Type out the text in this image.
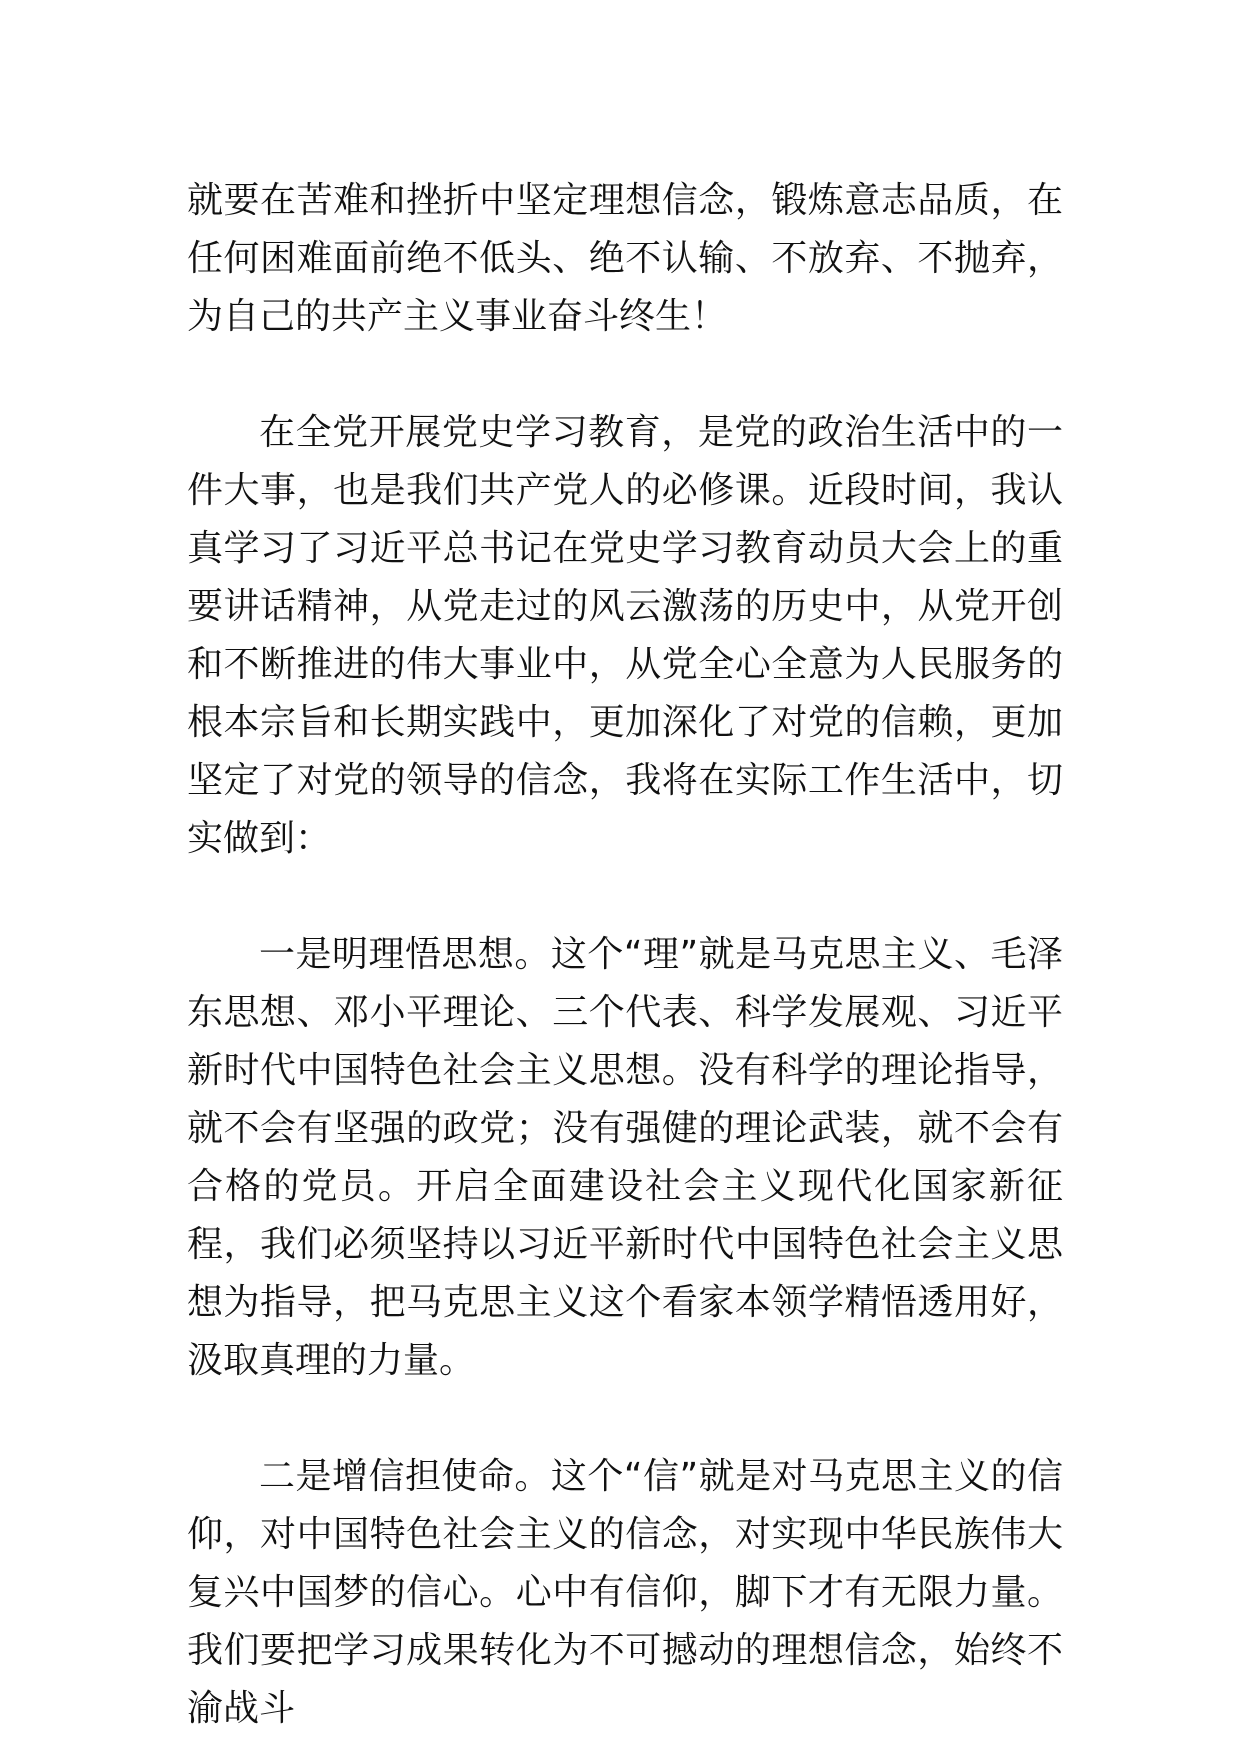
就要在苦难和挫折中坚定理想信念，锻炼意志品质，在任何困难面前绝不低头、绝不认输、不放弃、不抛弃，为自己的共产主义事业奋斗终生！

在全党开展党史学习教育，是党的政治生活中的一件大事，也是我们共产党人的必修课。近段时间，我认真学习了习近平总书记在党史学习教育动员大会上的重要讲话精神，从党走过的风云激荡的历史中，从党开创和不断推进的伟大事业中，从党全心全意为人民服务的根本宗旨和长期实践中，更加深化了对党的信赖，更加坚定了对党的领导的信念，我将在实际工作生活中，切实做到：

一是明理悟思想。这个“理”就是马克思主义、毛泽东思想、邓小平理论、三个代表、科学发展观、习近平新时代中国特色社会主义思想。没有科学的理论指导，就不会有坚强的政党；没有强健的理论武装，就不会有合格的党员。开启全面建设社会主义现代化国家新征程，我们必须坚持以习近平新时代中国特色社会主义思想为指导，把马克思主义这个看家本领学精悟透用好，汲取真理的力量。

二是增信担使命。这个“信”就是对马克思主义的信仰，对中国特色社会主义的信念，对实现中华民族伟大复兴中国梦的信心。心中有信仰，脚下才有无限力量。我们要把学习成果转化为不可撼动的理想信念，始终不渝战斗
